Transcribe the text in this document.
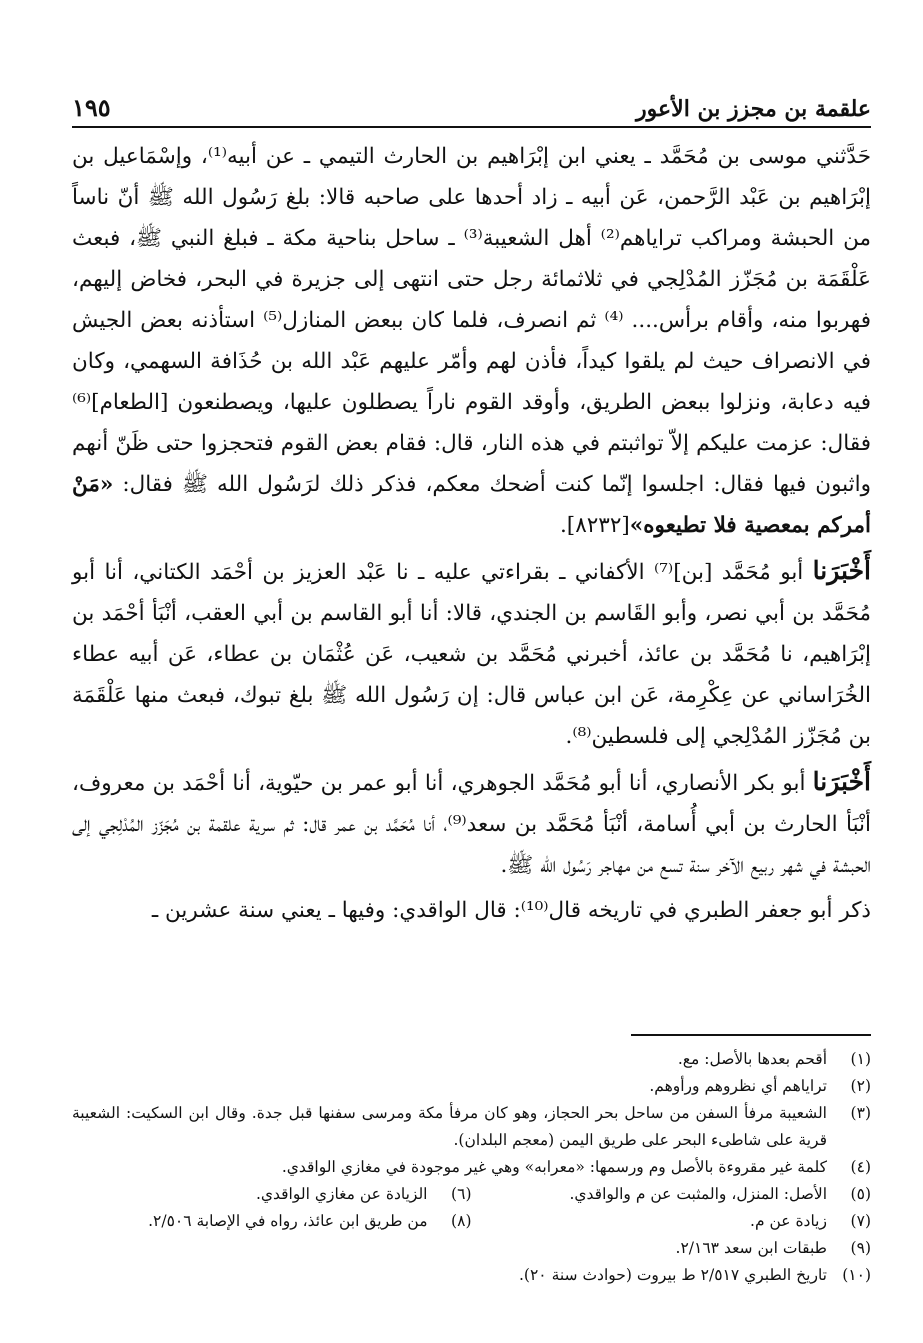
علقمة بن مجزز بن الأعور
١٩٥

حَدَّثني موسى بن مُحَمَّد ـ يعني ابن إبْرَاهيم بن الحارث التيمي ـ عن أبيه⁽¹⁾، وإسْمَاعيل بن إبْرَاهيم بن عَبْد الرَّحمن، عَن أبيه ـ زاد أحدها على صاحبه قالا: بلغ رَسُول الله ﷺ أنّ ناساً من الحبشة ومراكب تراياهم⁽²⁾ أهل الشعيبة⁽³⁾ ـ ساحل بناحية مكة ـ فبلغ النبي ﷺ، فبعث عَلْقَمَة بن مُجَزّز المُدْلِجي في ثلاثمائة رجل حتى انتهى إلى جزيرة في البحر، فخاض إليهم، فهربوا منه، وأقام برأس.... ⁽⁴⁾ ثم انصرف، فلما كان ببعض المنازل⁽⁵⁾ استأذنه بعض الجيش في الانصراف حيث لم يلقوا كيداً، فأذن لهم وأمّر عليهم عَبْد الله بن حُذَافة السهمي، وكان فيه دعابة، ونزلوا ببعض الطريق، وأوقد القوم ناراً يصطلون عليها، ويصطنعون [الطعام]⁽⁶⁾ فقال: عزمت عليكم إلاّ تواثبتم في هذه النار، قال: فقام بعض القوم فتحجزوا حتى ظَنّ أنهم واثبون فيها فقال: اجلسوا إنّما كنت أضحك معكم، فذكر ذلك لرَسُول الله ﷺ فقال: «مَنْ أمركم بمعصية فلا تطيعوه»[٨٢٣٢].

أَخْبَرَنا أبو مُحَمَّد [بن]⁽⁷⁾ الأكفاني ـ بقراءتي عليه ـ نا عَبْد العزيز بن أحْمَد الكتاني، أنا أبو مُحَمَّد بن أبي نصر، وأبو القَاسم بن الجندي، قالا: أنا أبو القاسم بن أبي العقب، أنْبَأ أحْمَد بن إبْرَاهيم، نا مُحَمَّد بن عائذ، أخبرني مُحَمَّد بن شعيب، عَن عُثْمَان بن عطاء، عَن أبيه عطاء الخُرَاساني عن عِكْرِمة، عَن ابن عباس قال: إن رَسُول الله ﷺ بلغ تبوك، فبعث منها عَلْقَمَة بن مُجَزّز المُدْلِجي إلى فلسطين⁽⁸⁾.

أَخْبَرَنا أبو بكر الأنصاري، أنا أبو مُحَمَّد الجوهري، أنا أبو عمر بن حيّوية، أنا أحْمَد بن معروف، أنْبَأ الحارث بن أبي أُسامة، أنْبَأ مُحَمَّد بن سعد⁽⁹⁾، أنا مُحَمَّد بن عمر قال: ثم سرية علقمة بن مُجَزّز المُدْلِجي إلى الحبشة في شهر ربيع الآخر سنة تسع من مهاجر رَسُول الله ﷺ.

ذكر أبو جعفر الطبري في تاريخه قال⁽¹⁰⁾: قال الواقدي: وفيها ـ يعني سنة عشرين ـ

(١)
أقحم بعدها بالأصل: مع.
(٢)
تراياهم أي نظروهم ورأوهم.
(٣)
الشعيبة مرفأ السفن من ساحل بحر الحجاز، وهو كان مرفأ مكة ومرسى سفنها قبل جدة. وقال ابن السكيت: الشعيبة قرية على شاطىء البحر على طريق اليمن (معجم البلدان).
(٤)
كلمة غير مقروءة بالأصل وم ورسمها: «معرابه» وهي غير موجودة في مغازي الواقدي.
(٥)
الأصل: المنزل، والمثبت عن م والواقدي.
(٦)
الزيادة عن مغازي الواقدي.
(٧)
زيادة عن م.
(٨)
من طريق ابن عائذ، رواه في الإصابة ٢/٥٠٦.
(٩)
طبقات ابن سعد ٢/١٦٣.
(١٠)
تاريخ الطبري ٢/٥١٧ ط بيروت (حوادث سنة ٢٠).
